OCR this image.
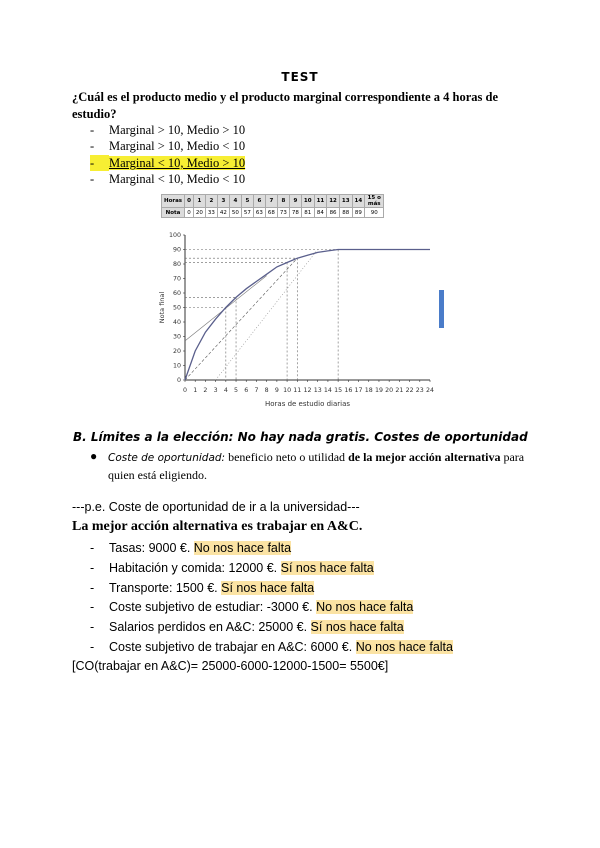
TEST
¿Cuál es el producto medio y el producto marginal correspondiente a 4 horas de estudio?
- Marginal > 10, Medio > 10
- Marginal > 10, Medio < 10
- Marginal < 10, Medio > 10
- Marginal < 10, Medio < 10
Horas	0	1	2	3	4	5	6	7	8	9	10	11	12	13	14	15 o más
Nota	0	20	33	42	50	57	63	68	73	78	81	84	86	88	89	90
0 1 2 3 4 5 6 7 8 9 10 11 12 13 14 15 16 17 18 19 20 21 22 23 24
0
10
20
30
40
50
60
70
80
90
100
Horas de estudio diarias
Nota final
B. Límites a la elección: No hay nada gratis. Costes de oportunidad
● Coste de oportunidad: beneficio neto o utilidad de la mejor acción alternativa para
quien está eligiendo.
---p.e. Coste de oportunidad de ir a la universidad---
La mejor acción alternativa es trabajar en A&C.
- Tasas: 9000 €. No nos hace falta
- Habitación y comida: 12000 €. Sí nos hace falta
- Transporte: 1500 €. Sí nos hace falta
- Coste subjetivo de estudiar: -3000 €. No nos hace falta
- Salarios perdidos en A&C: 25000 €. Sí nos hace falta
- Coste subjetivo de trabajar en A&C: 6000 €. No nos hace falta
[CO(trabajar en A&C)= 25000-6000-12000-1500= 5500€]
